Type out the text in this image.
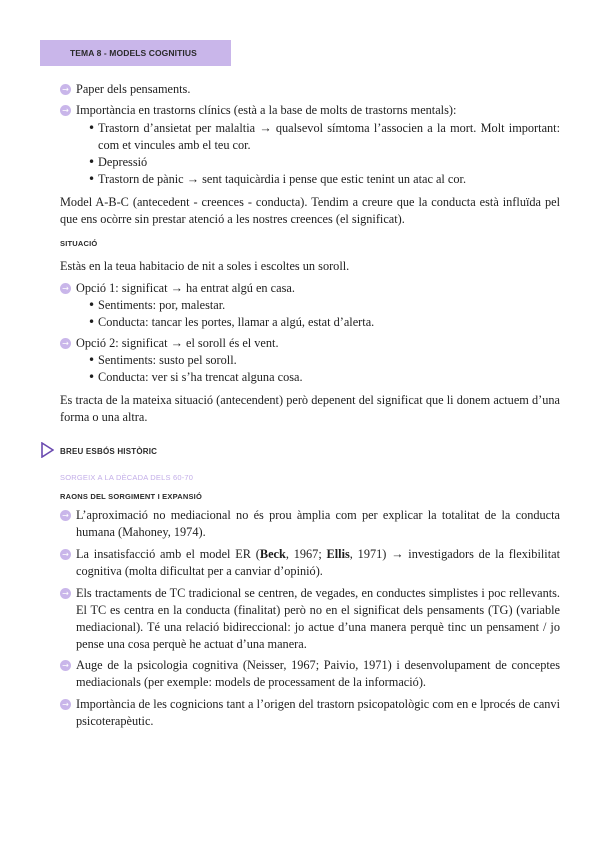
TEMA 8 - MODELS COGNITIUS
→ Paper dels pensaments.
→ Importància en trastorns clínics (està a la base de molts de trastorns mentals):
• Trastorn d’ansietat per malaltia → qualsevol símtoma l’associen a la mort. Molt important: com et vincules amb el teu cor.
• Depressió
• Trastorn de pànic → sent taquicàrdia i pense que estic tenint un atac al cor.
Model A-B-C (antecedent - creences - conducta). Tendim a creure que la conducta està influïda pel que ens ocòrre sin prestar atenció a les nostres creences (el significat).
SITUACIÓ
Estàs en la teua habitacio de nit a soles i escoltes un soroll.
→ Opció 1: significat → ha entrat algú en casa.
• Sentiments: por, malestar.
• Conducta: tancar les portes, llamar a algú, estat d’alerta.
→ Opció 2: significat → el soroll és el vent.
• Sentiments: susto pel soroll.
• Conducta: ver si s’ha trencat alguna cosa.
Es tracta de la mateixa situació (antecendent) però depenent del significat que li donem actuem d’una forma o una altra.
BREU ESBÓS HISTÒRIC
SORGEIX A LA DÈCADA DELS 60-70
RAONS DEL SORGIMENT I EXPANSIÓ
→ L’aproximació no mediacional no és prou àmplia com per explicar la totalitat de la conducta humana (Mahoney, 1974).
→ La insatisfacció amb el model ER (Beck, 1967; Ellis, 1971) → investigadors de la flexibilitat cognitiva (molta dificultat per a canviar d’opinió).
→ Els tractaments de TC tradicional se centren, de vegades, en conductes simplistes i poc rellevants. El TC es centra en la conducta (finalitat) però no en el significat dels pensaments (TG) (variable mediacional). Té una relació bidireccional: jo actue d’una manera perquè tinc un pensament / jo pense una cosa perquè he actuat d’una manera.
→ Auge de la psicologia cognitiva (Neisser, 1967; Paivio, 1971) i desenvolupament de conceptes mediacionals (per exemple: models de processament de la informació).
→ Importància de les cognicions tant a l’origen del trastorn psicopatològic com en e lprocés de canvi psicoterapèutic.
